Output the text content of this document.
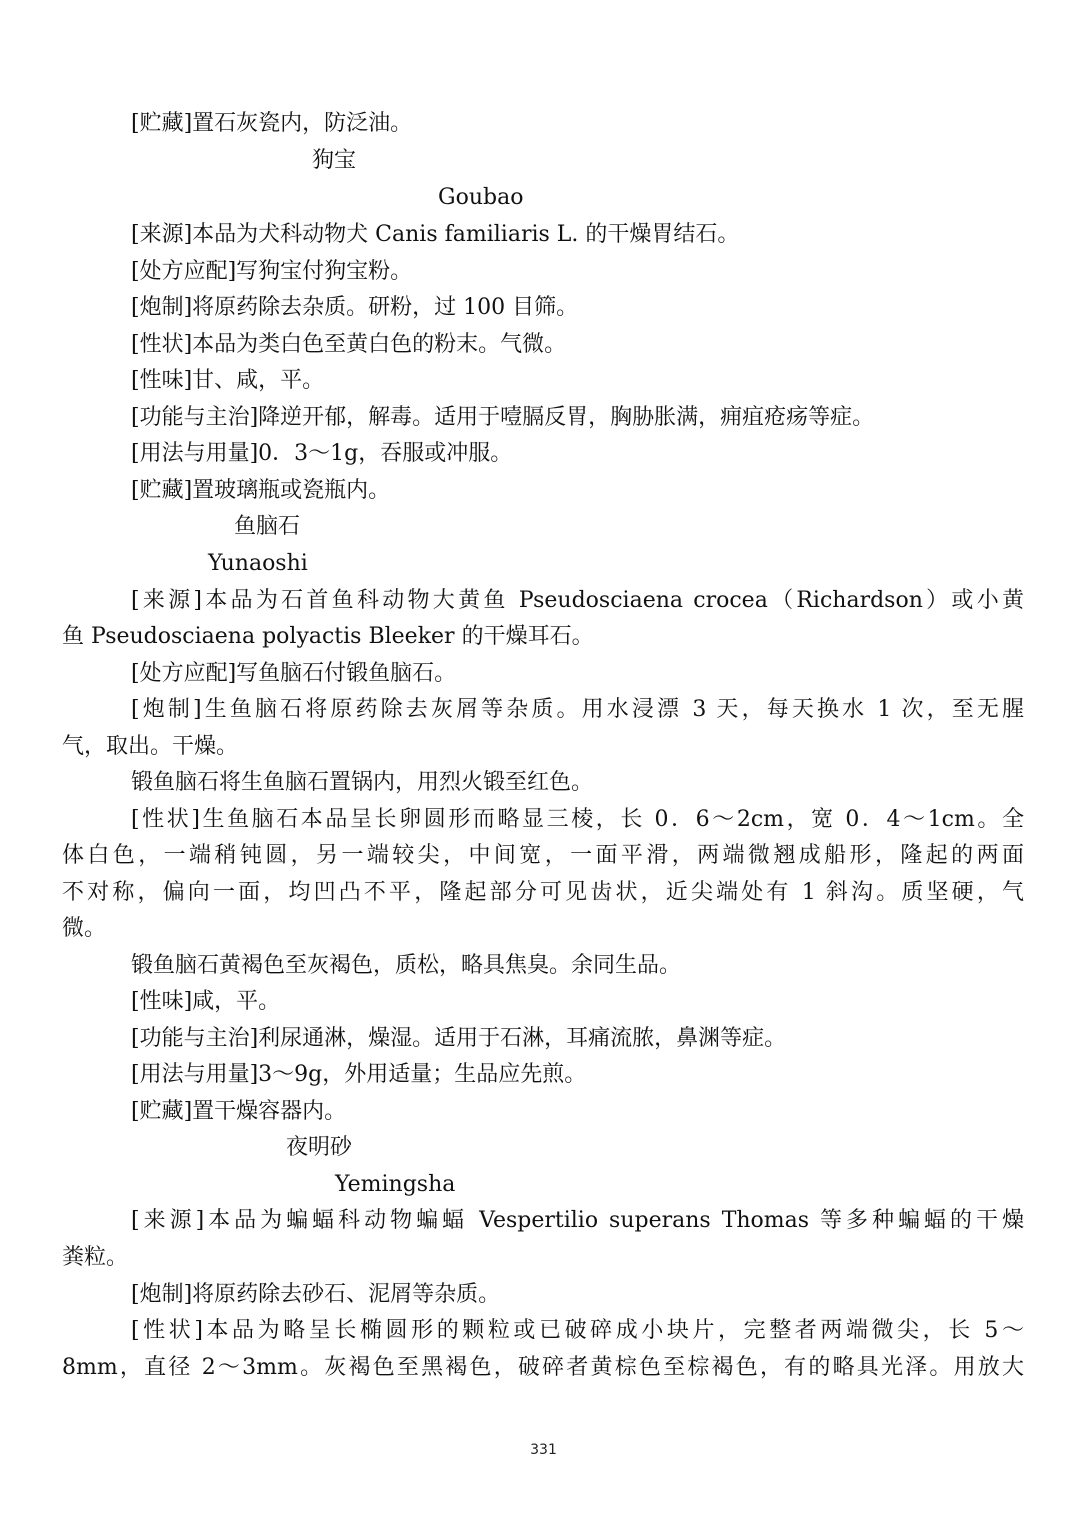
[贮藏]置石灰瓷内，防泛油。

狗宝

Goubao

[来源]本品为犬科动物犬 Canis familiaris L. 的干燥胃结石。

[处方应配]写狗宝付狗宝粉。

[炮制]将原药除去杂质。研粉，过 100 目筛。

[性状]本品为类白色至黄白色的粉末。气微。

[性味]甘、咸，平。

[功能与主治]降逆开郁，解毒。适用于噎膈反胃，胸胁胀满，痈疽疮疡等症。

[用法与用量]0．3～1g，吞服或冲服。

[贮藏]置玻璃瓶或瓷瓶内。

鱼脑石

Yunaoshi

[来源]本品为石首鱼科动物大黄鱼 Pseudosciaena crocea（Richardson）或小黄

鱼 Pseudosciaena polyactis Bleeker 的干燥耳石。

[处方应配]写鱼脑石付锻鱼脑石。

[炮制]生鱼脑石将原药除去灰屑等杂质。用水浸漂 3 天，每天换水 1 次，至无腥

气，取出。干燥。

锻鱼脑石将生鱼脑石置锅内，用烈火锻至红色。

[性状]生鱼脑石本品呈长卵圆形而略显三棱，长 0．6～2cm，宽 0．4～1cm。全

体白色，一端稍钝圆，另一端较尖，中间宽，一面平滑，两端微翘成船形，隆起的两面

不对称，偏向一面，均凹凸不平，隆起部分可见齿状，近尖端处有 1 斜沟。质坚硬，气

微。

锻鱼脑石黄褐色至灰褐色，质松，略具焦臭。余同生品。

[性味]咸，平。

[功能与主治]利尿通淋，燥湿。适用于石淋，耳痛流脓，鼻渊等症。

[用法与用量]3～9g，外用适量；生品应先煎。

[贮藏]置干燥容器内。

夜明砂

Yemingsha

[来源]本品为蝙蝠科动物蝙蝠 Vespertilio superans Thomas 等多种蝙蝠的干燥

粪粒。

[炮制]将原药除去砂石、泥屑等杂质。

[性状]本品为略呈长椭圆形的颗粒或已破碎成小块片，完整者两端微尖，长 5～

8mm，直径 2～3mm。灰褐色至黑褐色，破碎者黄棕色至棕褐色，有的略具光泽。用放大

331
